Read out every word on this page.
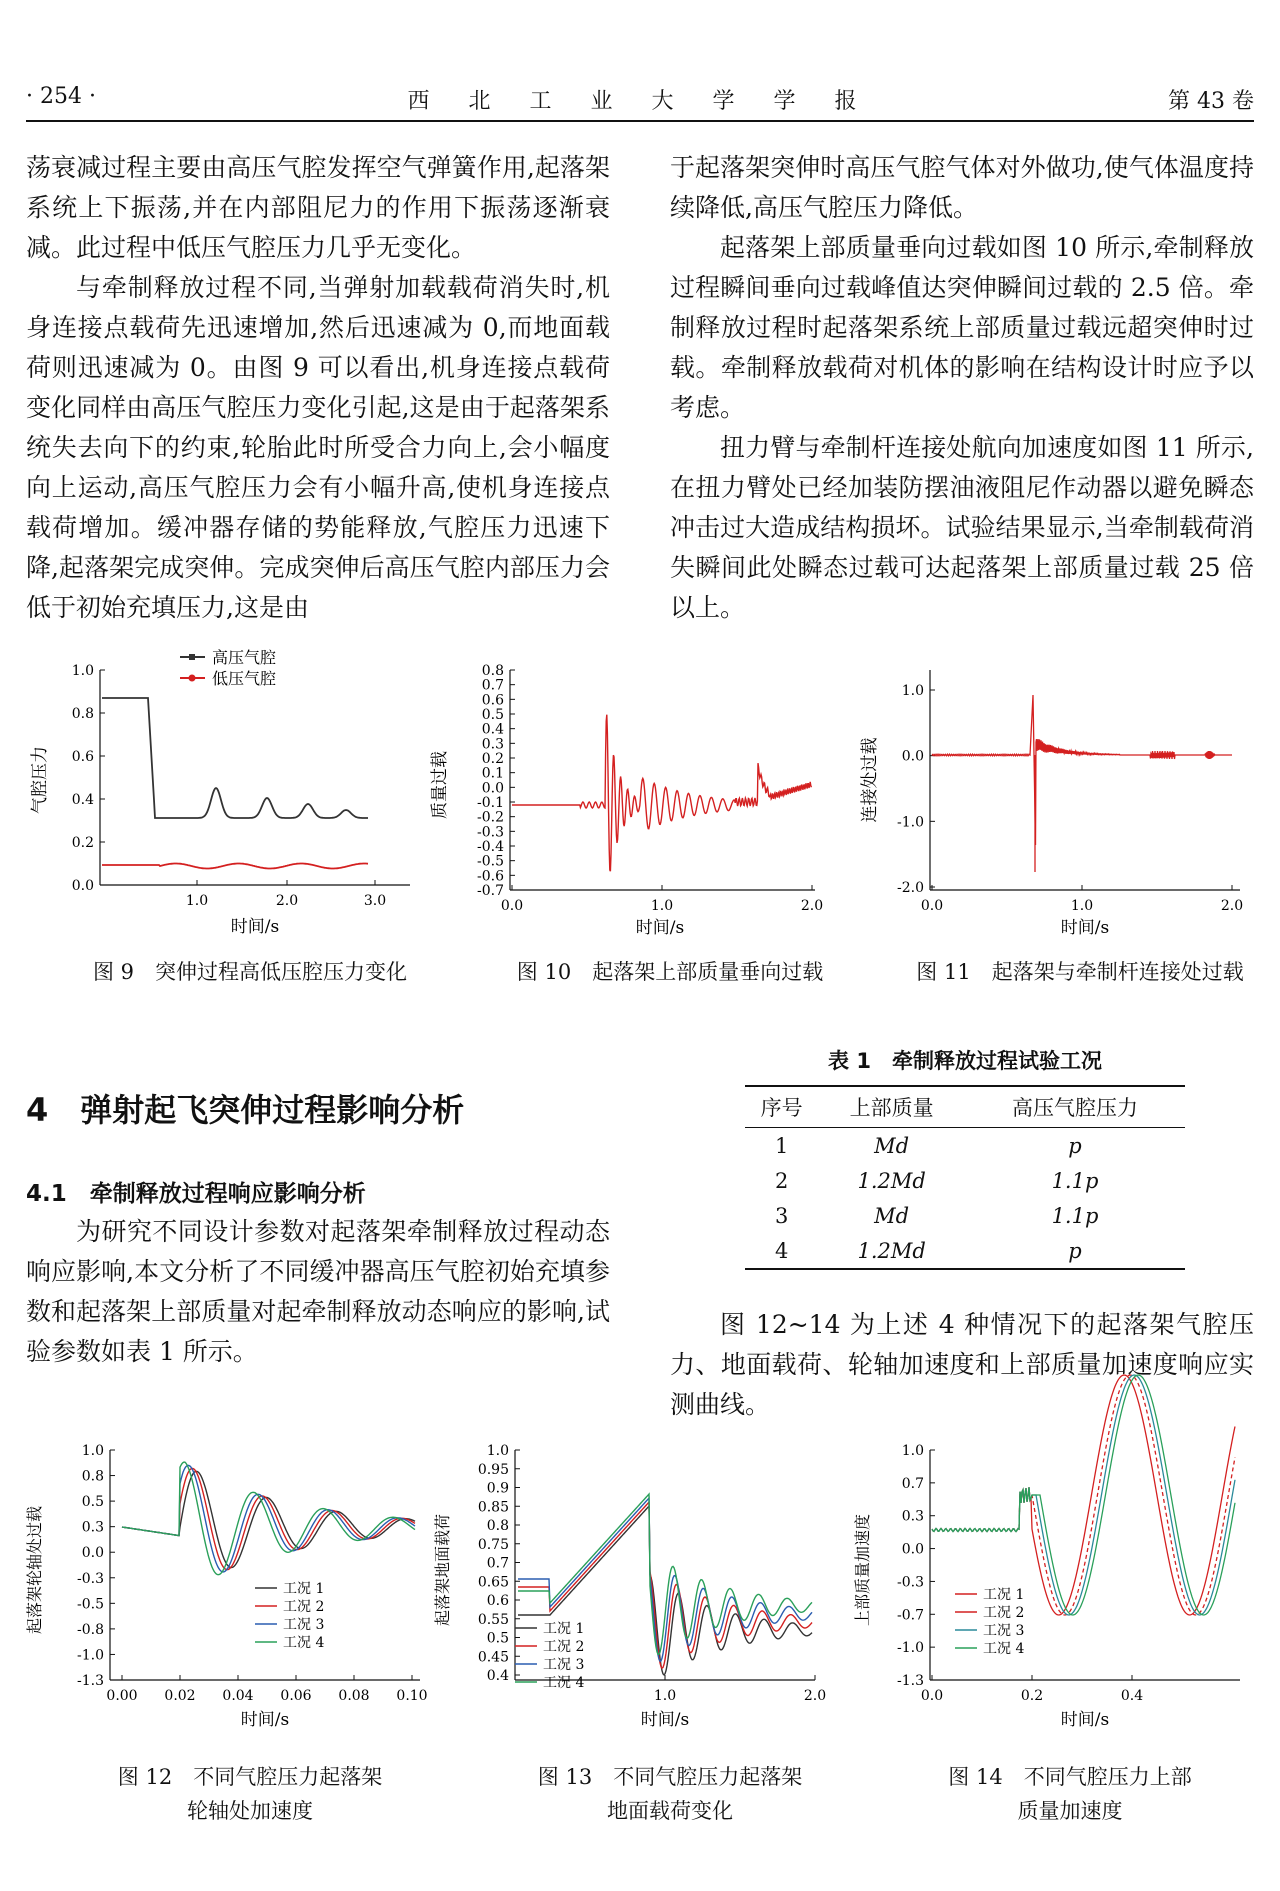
· 254 ·	西 北 工 业 大 学 学 报	第 43 卷

荡衰减过程主要由高压气腔发挥空气弹簧作用,起落架系统上下振荡,并在内部阻尼力的作用下振荡逐渐衰减。此过程中低压气腔压力几乎无变化。

与牵制释放过程不同,当弹射加载载荷消失时,机身连接点载荷先迅速增加,然后迅速减为 0,而地面载荷则迅速减为 0。由图 9 可以看出,机身连接点载荷变化同样由高压气腔压力变化引起,这是由于起落架系统失去向下的约束,轮胎此时所受合力向上,会小幅度向上运动,高压气腔压力会有小幅升高,使机身连接点载荷增加。缓冲器存储的势能释放,气腔压力迅速下降,起落架完成突伸。完成突伸后高压气腔内部压力会低于初始充填压力,这是由

于起落架突伸时高压气腔气体对外做功,使气体温度持续降低,高压气腔压力降低。

起落架上部质量垂向过载如图 10 所示,牵制释放过程瞬间垂向过载峰值达突伸瞬间过载的 2.5 倍。牵制释放过程时起落架系统上部质量过载远超突伸时过载。牵制释放载荷对机体的影响在结构设计时应予以考虑。

扭力臂与牵制杆连接处航向加速度如图 11 所示,在扭力臂处已经加装防摆油液阻尼作动器以避免瞬态冲击过大造成结构损坏。试验结果显示,当牵制载荷消失瞬间此处瞬态过载可达起落架上部质量过载 25 倍以上。

1.0
0.8
0.6
0.4
0.2
0.0
1.0	2.0	3.0
气腔压力
时间/s
高压气腔
低压气腔
图 9　突伸过程高低压腔压力变化
0.8
0.7
0.6
0.5
0.4
0.3
0.2
0.1
0.0
-0.1
-0.2
-0.3
-0.4
-0.5
-0.6
-0.7
0.0	1.0	2.0
质量过载
时间/s
图 10　起落架上部质量垂向过载
1.0
0.0
-1.0
-2.0
0.0	1.0	2.0
连接处过载
时间/s
图 11　起落架与牵制杆连接处过载
4　弹射起飞突伸过程影响分析
4.1　牵制释放过程响应影响分析

为研究不同设计参数对起落架牵制释放过程动态响应影响,本文分析了不同缓冲器高压气腔初始充填参数和起落架上部质量对起牵制释放动态响应的影响,试验参数如表 1 所示。

表 1　牵制释放过程试验工况
序号	上部质量	高压气腔压力
1	Md	p
2	1.2Md	1.1p
3	Md	1.1p
4	1.2Md	p

图 12~14 为上述 4 种情况下的起落架气腔压力、地面载荷、轮轴加速度和上部质量加速度响应实测曲线。

1.0
0.8
0.5
0.3
0.0
-0.3
-0.5
-0.8
-1.0
-1.3
0.00 0.02 0.04 0.06 0.08 0.10
起落架轮轴处过载
时间/s
工况 1
工况 2
工况 3
工况 4
图 12　不同气腔压力起落架
轮轴处加速度
1.0
0.95
0.9
0.85
0.8
0.75
0.7
0.65
0.6
0.55
0.5
0.45
0.4
1.0	2.0
起落架地面载荷
时间/s
工况 1
工况 2
工况 3
工况 4
图 13　不同气腔压力起落架
地面载荷变化
1.0
0.7
0.3
0.0
-0.3
-0.7
-1.0
-1.3
0.0	0.2	0.4
上部质量加速度
时间/s
工况 1
工况 2
工况 3
工况 4
图 14　不同气腔压力上部
质量加速度
